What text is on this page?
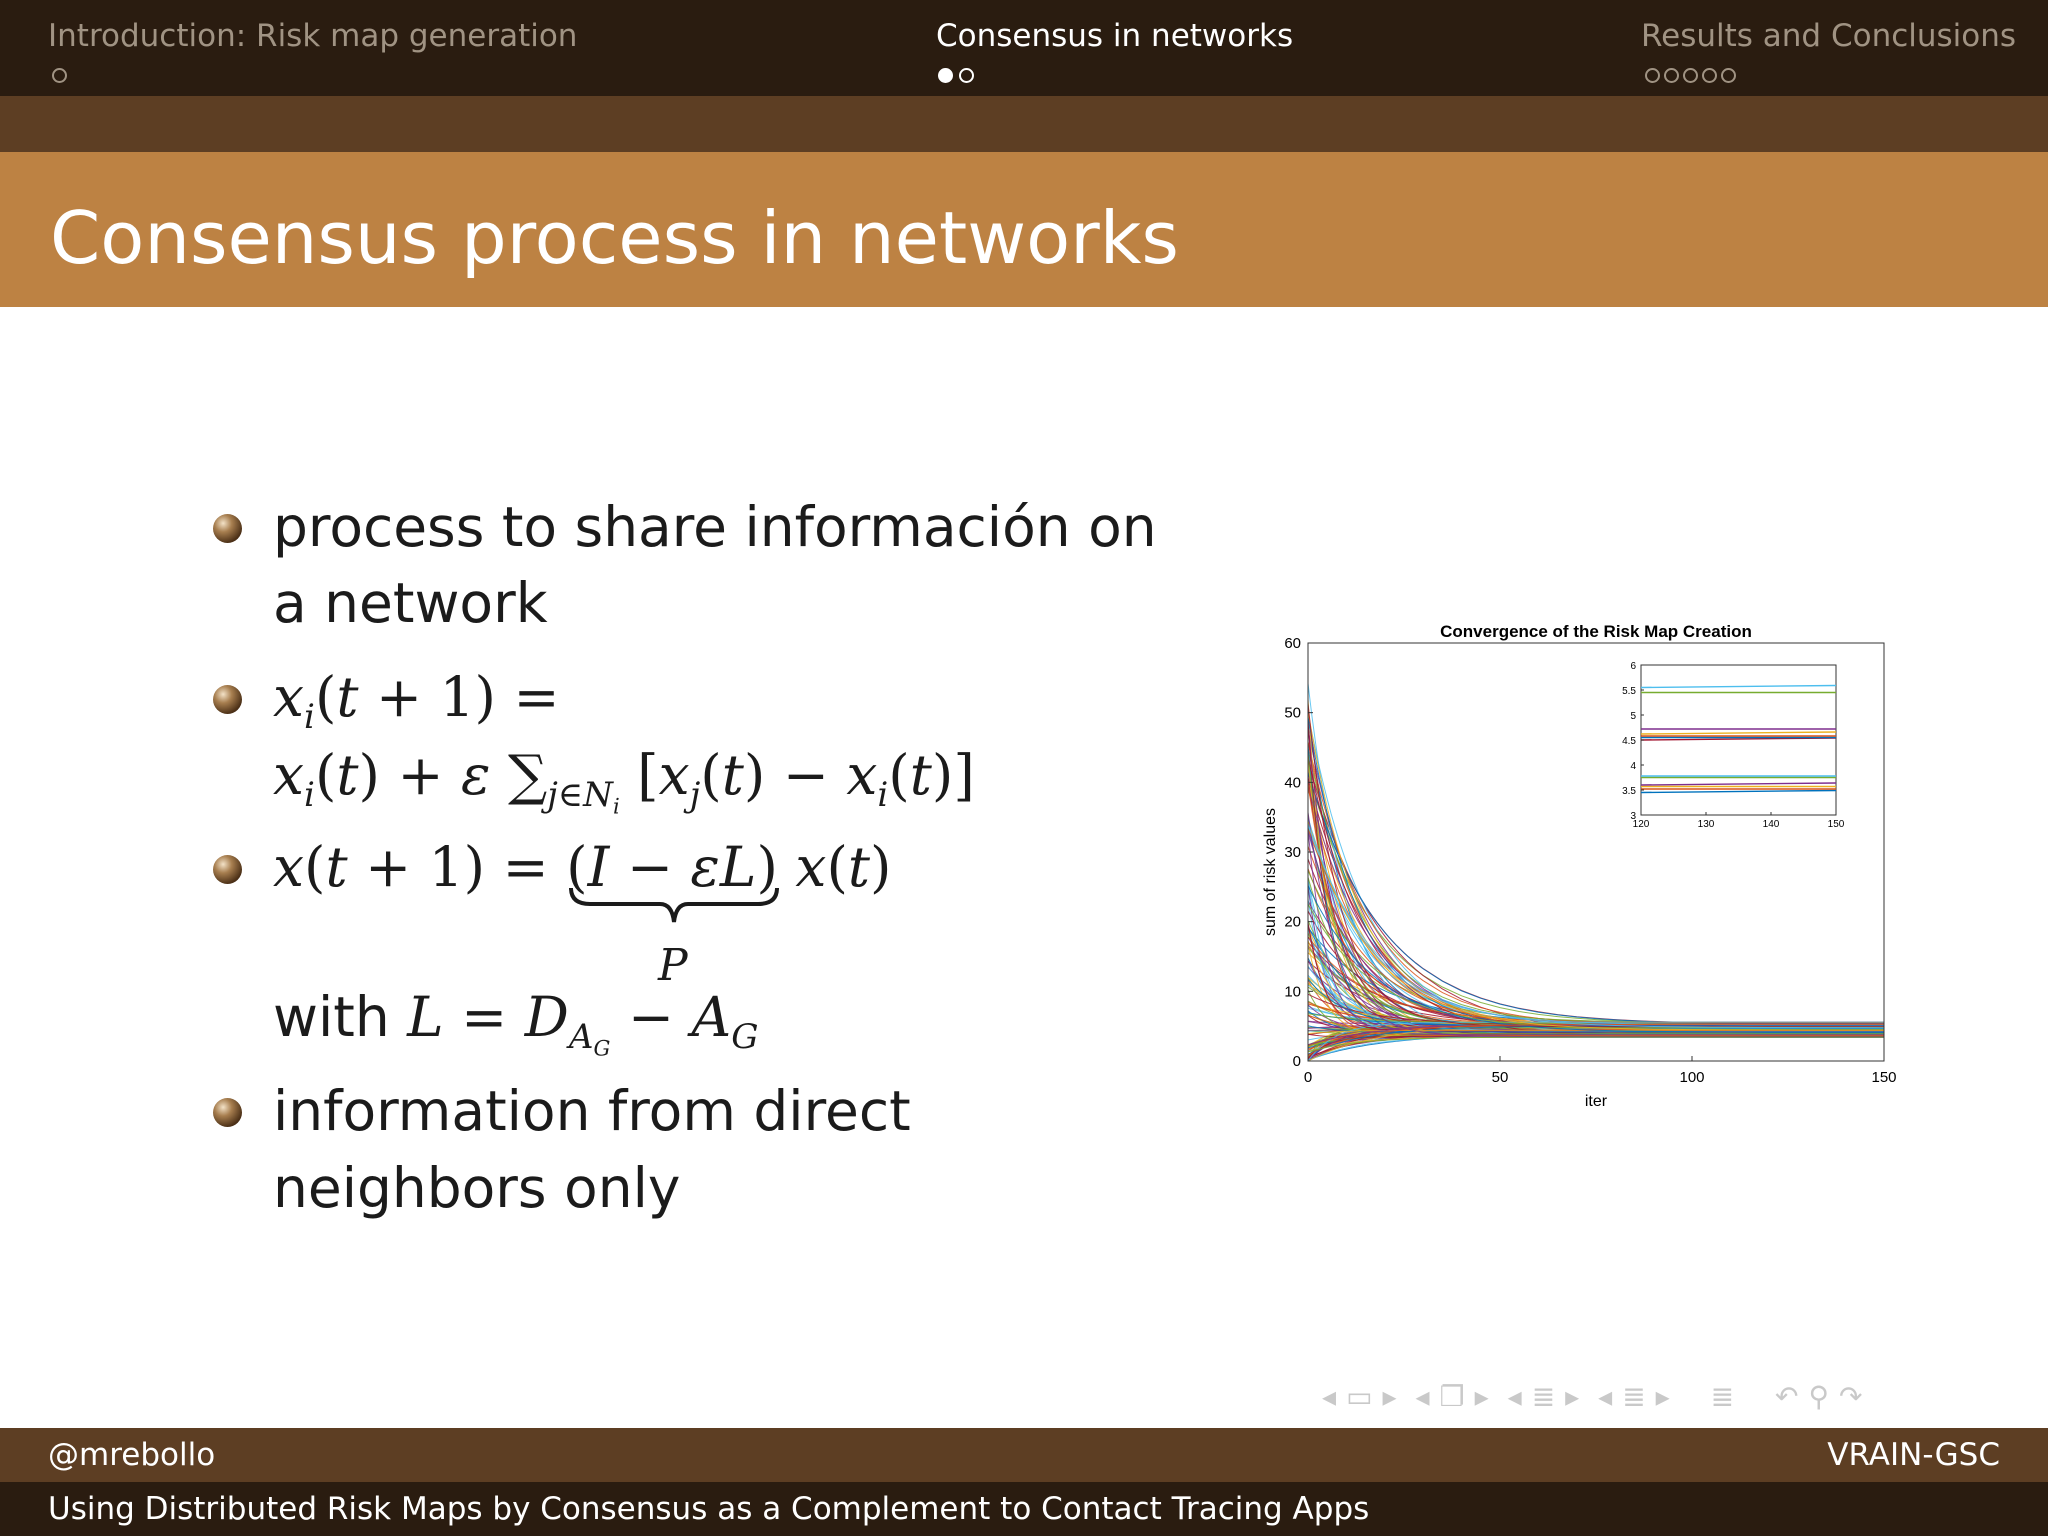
Introduction: Risk map generation	Consensus in networks	Results and Conclusions
Consensus process in networks
process to share información on
a network
$x_i(t + 1)$ =
$x_i(t) + \varepsilon$ $\sum_{j\in N_i}$ $[x_j(t) - x_i(t)]$
x(t + 1) = (I − εL) x(t)
P
with $L = D_{A_G} - A_G$
information from direct
neighbors only
Convergence of the Risk Map Creation
iter
sum of risk values
0	50	100	150
0
10
20
30
40
50
60
120	130	140	150
3
3.5
4
4.5
5
5.5
6
◂ ▭ ▸ ◂ ❐ ▸ ◂ ≣ ▸ ◂ ≣ ▸ ≣ ↶ ⚲ ↷
@mrebollo	VRAIN-GSC
Using Distributed Risk Maps by Consensus as a Complement to Contact Tracing Apps
